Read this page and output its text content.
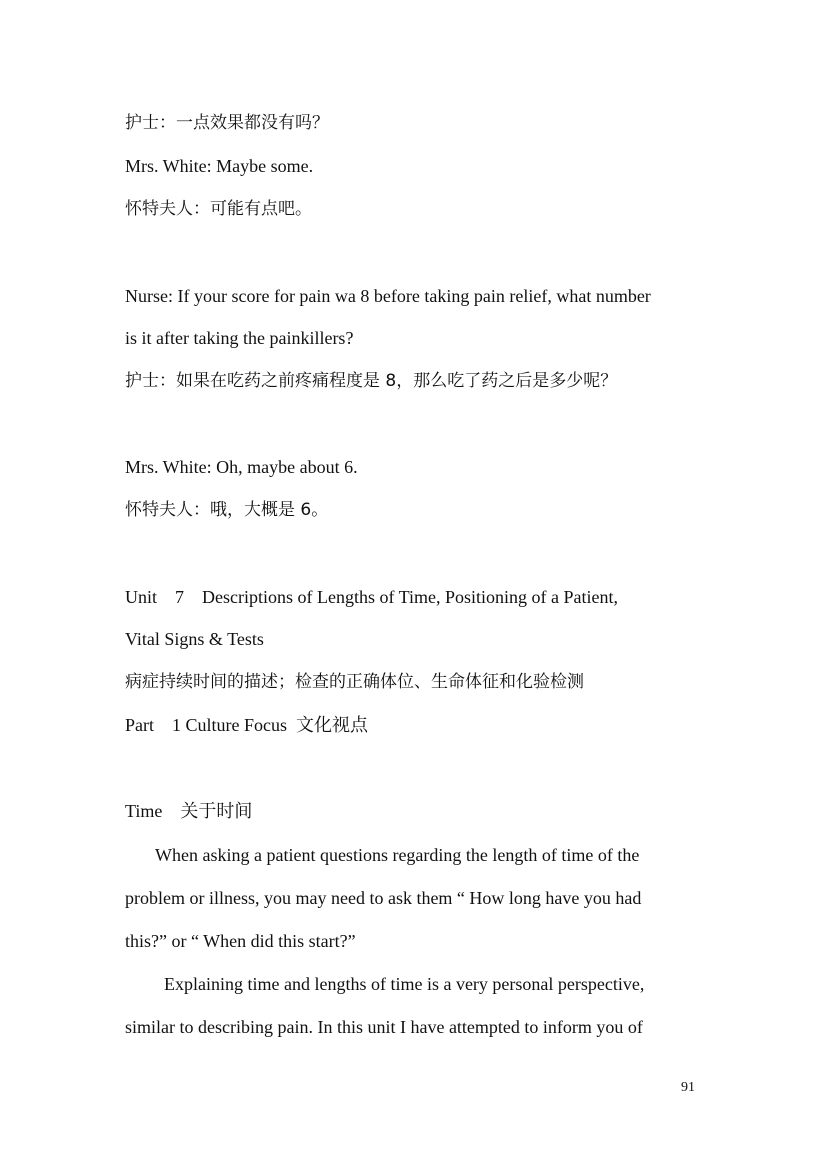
护士：一点效果都没有吗？
Mrs. White: Maybe some.
怀特夫人：可能有点吧。
Nurse: If your score for pain wa 8 before taking pain relief, what number
is it after taking the painkillers?
护士：如果在吃药之前疼痛程度是 8，那么吃了药之后是多少呢？
Mrs. White: Oh, maybe about 6.
怀特夫人：哦，大概是 6。
Unit    7    Descriptions of Lengths of Time, Positioning of a Patient,
Vital Signs & Tests
病症持续时间的描述；检查的正确体位、生命体征和化验检测
Part    1 Culture Focus  文化视点
Time    关于时间
When asking a patient questions regarding the length of time of the
problem or illness, you may need to ask them “ How long have you had
this?” or “ When did this start?”
Explaining time and lengths of time is a very personal perspective,
similar to describing pain. In this unit I have attempted to inform you of
91
